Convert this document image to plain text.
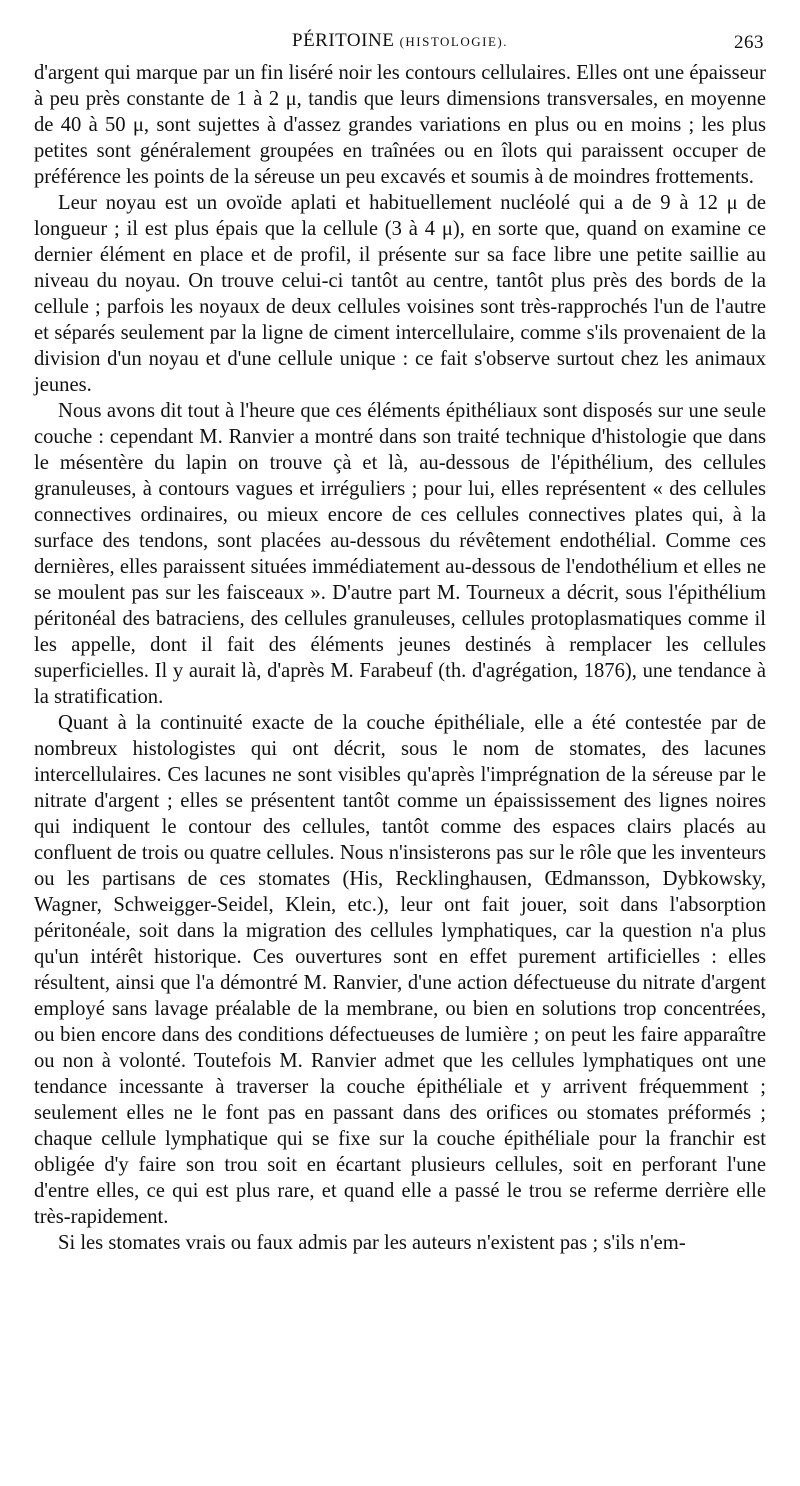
PÉRITOINE (HISTOLOGIE).	263

d'argent qui marque par un fin liséré noir les contours cellulaires. Elles ont une épaisseur à peu près constante de 1 à 2 μ, tandis que leurs dimensions transversales, en moyenne de 40 à 50 μ, sont sujettes à d'assez grandes variations en plus ou en moins ; les plus petites sont généralement groupées en traînées ou en îlots qui paraissent occuper de préférence les points de la séreuse un peu excavés et soumis à de moindres frottements.

Leur noyau est un ovoïde aplati et habituellement nucléolé qui a de 9 à 12 μ de longueur ; il est plus épais que la cellule (3 à 4 μ), en sorte que, quand on examine ce dernier élément en place et de profil, il présente sur sa face libre une petite saillie au niveau du noyau. On trouve celui-ci tantôt au centre, tantôt plus près des bords de la cellule ; parfois les noyaux de deux cellules voisines sont très-rapprochés l'un de l'autre et séparés seulement par la ligne de ciment intercellulaire, comme s'ils provenaient de la division d'un noyau et d'une cellule unique : ce fait s'observe surtout chez les animaux jeunes.

Nous avons dit tout à l'heure que ces éléments épithéliaux sont disposés sur une seule couche : cependant M. Ranvier a montré dans son traité technique d'histologie que dans le mésentère du lapin on trouve çà et là, au-dessous de l'épithélium, des cellules granuleuses, à contours vagues et irréguliers ; pour lui, elles représentent « des cellules connectives ordinaires, ou mieux encore de ces cellules connectives plates qui, à la surface des tendons, sont placées au-dessous du révêtement endothélial. Comme ces dernières, elles paraissent situées immédiatement au-dessous de l'endothélium et elles ne se moulent pas sur les faisceaux ». D'autre part M. Tourneux a décrit, sous l'épithélium péritonéal des batraciens, des cellules granuleuses, cellules protoplasmatiques comme il les appelle, dont il fait des éléments jeunes destinés à remplacer les cellules superficielles. Il y aurait là, d'après M. Farabeuf (th. d'agrégation, 1876), une tendance à la stratification.

Quant à la continuité exacte de la couche épithéliale, elle a été contestée par de nombreux histologistes qui ont décrit, sous le nom de stomates, des lacunes intercellulaires. Ces lacunes ne sont visibles qu'après l'imprégnation de la séreuse par le nitrate d'argent ; elles se présentent tantôt comme un épaississement des lignes noires qui indiquent le contour des cellules, tantôt comme des espaces clairs placés au confluent de trois ou quatre cellules. Nous n'insisterons pas sur le rôle que les inventeurs ou les partisans de ces stomates (His, Recklinghausen, Œdmansson, Dybkowsky, Wagner, Schweigger-Seidel, Klein, etc.), leur ont fait jouer, soit dans l'absorption péritonéale, soit dans la migration des cellules lymphatiques, car la question n'a plus qu'un intérêt historique. Ces ouvertures sont en effet purement artificielles : elles résultent, ainsi que l'a démontré M. Ranvier, d'une action défectueuse du nitrate d'argent employé sans lavage préalable de la membrane, ou bien en solutions trop concentrées, ou bien encore dans des conditions défectueuses de lumière ; on peut les faire apparaître ou non à volonté. Toutefois M. Ranvier admet que les cellules lymphatiques ont une tendance incessante à traverser la couche épithéliale et y arrivent fréquemment ; seulement elles ne le font pas en passant dans des orifices ou stomates préformés ; chaque cellule lymphatique qui se fixe sur la couche épithéliale pour la franchir est obligée d'y faire son trou soit en écartant plusieurs cellules, soit en perforant l'une d'entre elles, ce qui est plus rare, et quand elle a passé le trou se referme derrière elle très-rapidement.

Si les stomates vrais ou faux admis par les auteurs n'existent pas ; s'ils n'em-
